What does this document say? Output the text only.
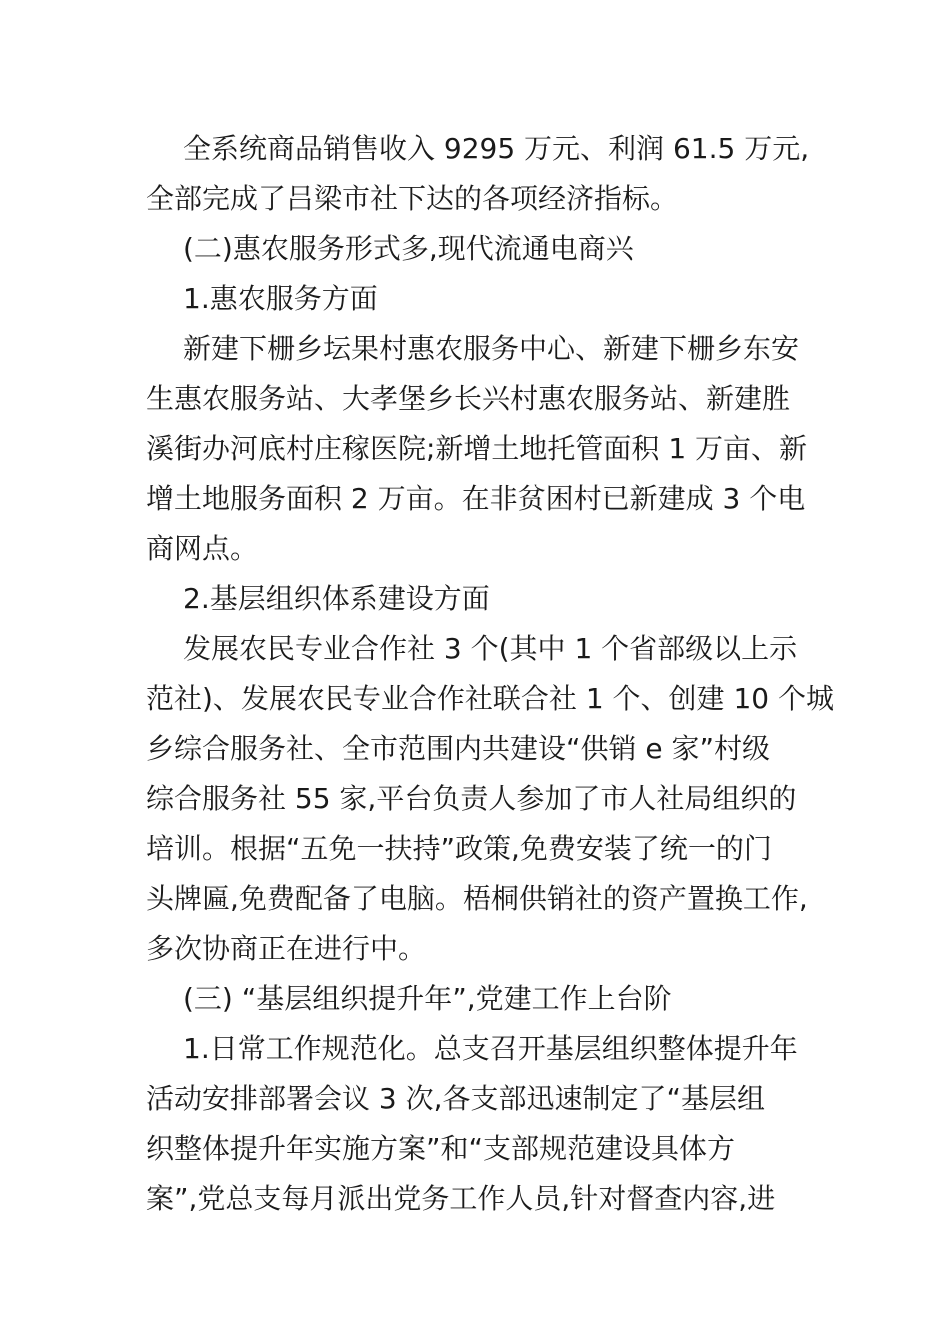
全系统商品销售收入 9295 万元、利润 61.5 万元,
全部完成了吕梁市社下达的各项经济指标。
(二)惠农服务形式多,现代流通电商兴
1.惠农服务方面
新建下栅乡坛果村惠农服务中心、新建下栅乡东安
生惠农服务站、大孝堡乡长兴村惠农服务站、新建胜
溪街办河底村庄稼医院;新增土地托管面积 1 万亩、新
增土地服务面积 2 万亩。在非贫困村已新建成 3 个电
商网点。
2.基层组织体系建设方面
发展农民专业合作社 3 个(其中 1 个省部级以上示
范社)、发展农民专业合作社联合社 1 个、创建 10 个城
乡综合服务社、全市范围内共建设“供销 e 家”村级
综合服务社 55 家,平台负责人参加了市人社局组织的
培训。根据“五免一扶持”政策,免费安装了统一的门
头牌匾,免费配备了电脑。梧桐供销社的资产置换工作,
多次协商正在进行中。
(三) “基层组织提升年”,党建工作上台阶
1.日常工作规范化。总支召开基层组织整体提升年
活动安排部署会议 3 次,各支部迅速制定了“基层组
织整体提升年实施方案”和“支部规范建设具体方
案”,党总支每月派出党务工作人员,针对督查内容,进
